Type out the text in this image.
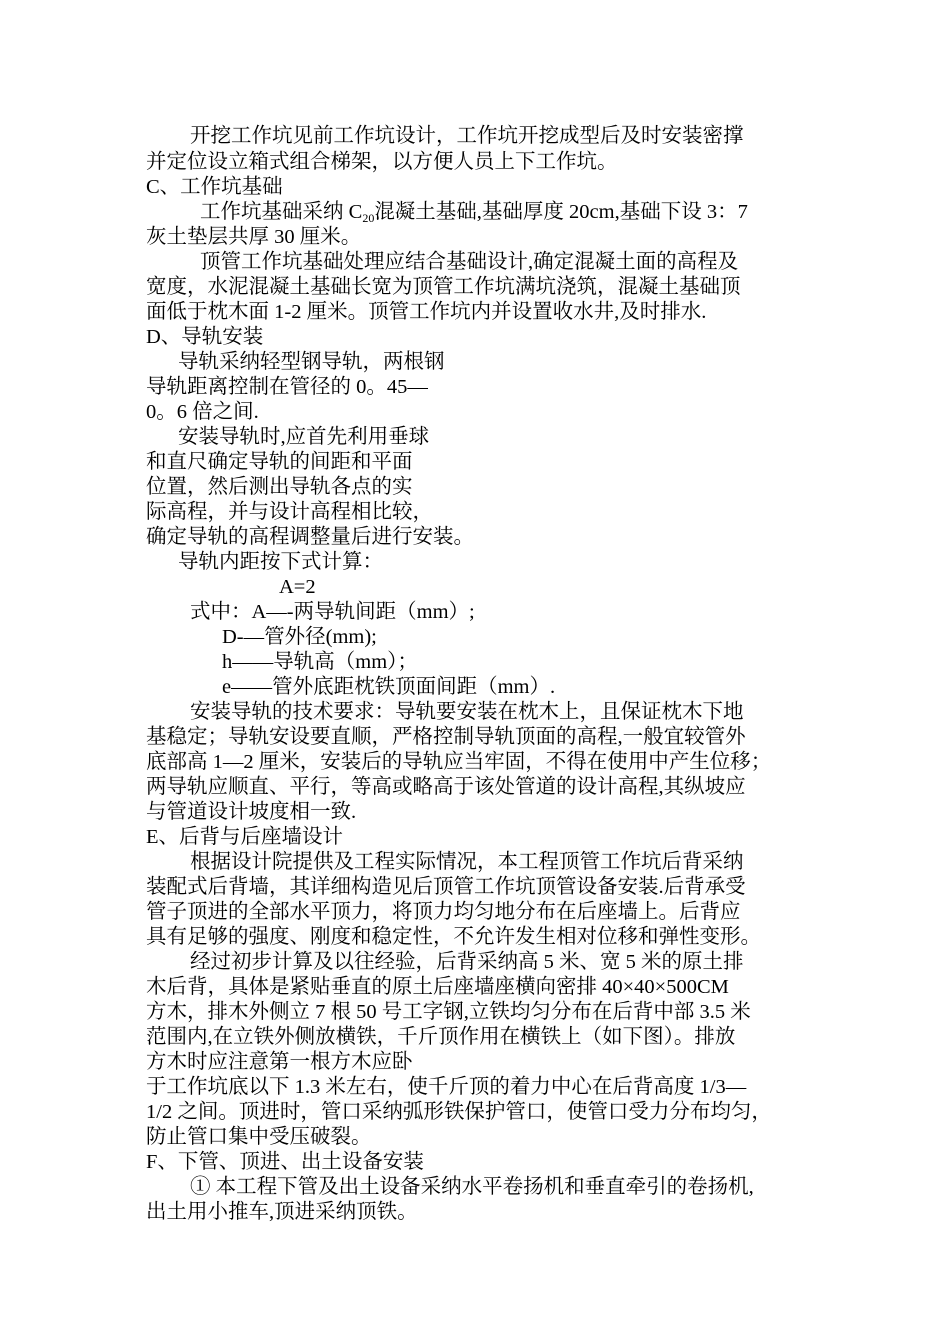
开挖工作坑见前工作坑设计，工作坑开挖成型后及时安装密撑
并定位设立箱式组合梯架，以方便人员上下工作坑。
C、工作坑基础
工作坑基础采纳 $C_{20}$混凝土基础,基础厚度 20cm,基础下设 3：7
灰土垫层共厚 30 厘米。
顶管工作坑基础处理应结合基础设计,确定混凝土面的高程及
宽度，水泥混凝土基础长宽为顶管工作坑满坑浇筑，混凝土基础顶
面低于枕木面 1-2 厘米。顶管工作坑内并设置收水井,及时排水.
D、导轨安装
导轨采纳轻型钢导轨，两根钢
导轨距离控制在管径的 0。45—
0。6 倍之间.
安装导轨时,应首先利用垂球
和直尺确定导轨的间距和平面
位置，然后测出导轨各点的实
际高程，并与设计高程相比较，
确定导轨的高程调整量后进行安装。
导轨内距按下式计算：
A=2
式中：A—-两导轨间距（mm）;
D-—管外径(mm);
h——导轨高（mm）；
e——管外底距枕铁顶面间距（mm）.
安装导轨的技术要求：导轨要安装在枕木上，且保证枕木下地
基稳定；导轨安设要直顺，严格控制导轨顶面的高程,一般宜较管外
底部高 1—2 厘米，安装后的导轨应当牢固，不得在使用中产生位移；
两导轨应顺直、平行，等高或略高于该处管道的设计高程,其纵坡应
与管道设计坡度相一致.
E、后背与后座墙设计
根据设计院提供及工程实际情况，本工程顶管工作坑后背采纳
装配式后背墙，其详细构造见后顶管工作坑顶管设备安装.后背承受
管子顶进的全部水平顶力，将顶力均匀地分布在后座墙上。后背应
具有足够的强度、刚度和稳定性，不允许发生相对位移和弹性变形。
经过初步计算及以往经验，后背采纳高 5 米、宽 5 米的原土排
木后背，具体是紧贴垂直的原土后座墙座横向密排 40×40×500CM
方木，排木外侧立 7 根 50 号工字钢,立铁均匀分布在后背中部 3.5 米
范围内,在立铁外侧放横铁，千斤顶作用在横铁上（如下图）。排放
方木时应注意第一根方木应卧
于工作坑底以下 1.3 米左右，使千斤顶的着力中心在后背高度 1/3—
1/2 之间。顶进时，管口采纳弧形铁保护管口，使管口受力分布均匀，
防止管口集中受压破裂。
F、下管、顶进、出土设备安装
① 本工程下管及出土设备采纳水平卷扬机和垂直牵引的卷扬机,
出土用小推车,顶进采纳顶铁。
